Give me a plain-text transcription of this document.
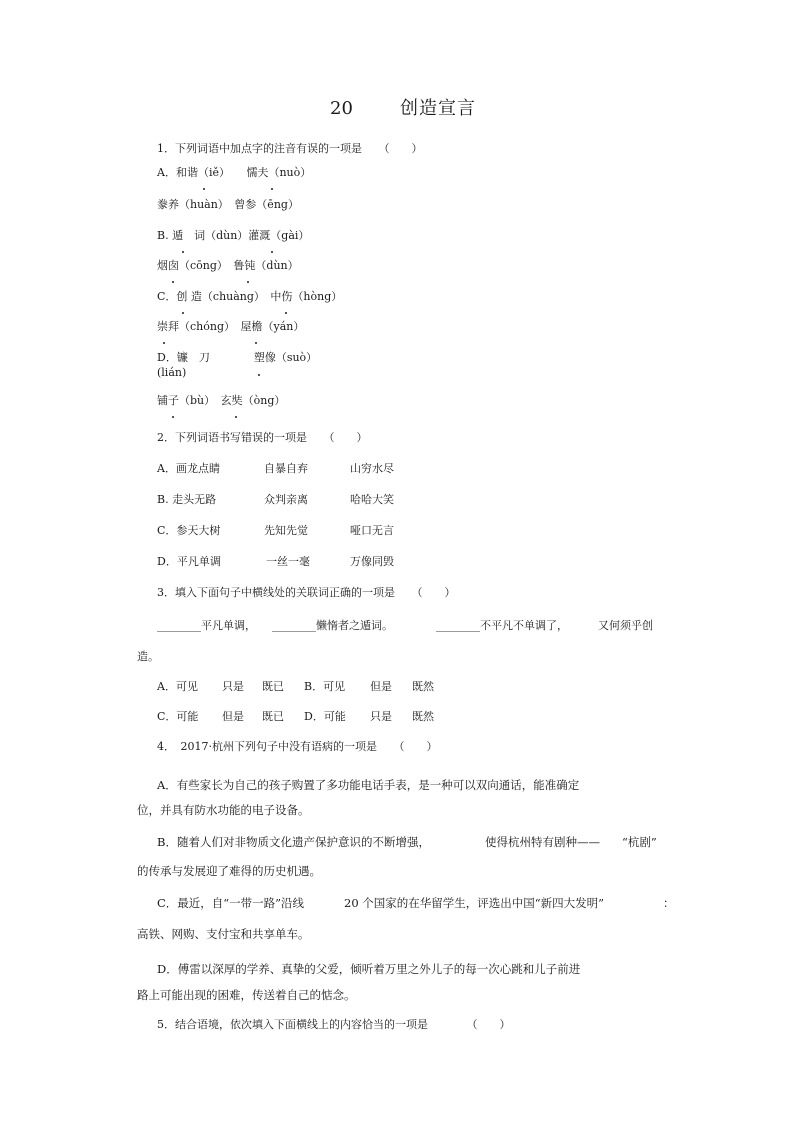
20	创造宣言
1．下列词语中加点字的注音有误的一项是　　（　　）
A．和谐（iě）　　懦夫（nuò）
豢养（huàn）　曾参（ēng）
B. 遁　词（dùn）灌溉（gài）
烟囱（cōng）　鲁钝（dùn）
C．创 造（chuàng）　中伤（hòng）
崇拜（chóng）　屋檐（yán）
D．镰　刀　　　　塑像（suò）
(lián)
铺子（bù）　玄奘（òng）
2．下列词语书写错误的一项是　　（　　）
A．画龙点睛	自暴自弃	山穷水尽
B. 走头无路	众判亲离	哈哈大笑
C．参天大树	先知先觉	哑口无言
D．平凡单调	一丝一毫	万像同毁
3．填入下面句子中横线处的关联词正确的一项是　　（　　）
________平凡单调， ________懒惰者之遁词。	________不平凡不单调了，	又何须乎创
造。
A．可见 只是 既已 B．可见 但是 既然
C．可能 但是 既已 D．可能 只是 既然
4．　2017·杭州下列句子中没有语病的一项是　　（　　）
A．有些家长为自己的孩子购置了多功能电话手表，是一种可以双向通话，能准确定
位，并具有防水功能的电子设备。
B．随着人们对非物质文化遗产保护意识的不断增强，	使得杭州特有剧种—— “杭剧”
的传承与发展迎了难得的历史机遇。
C．最近，自“一带一路”沿线	20 个国家的在华留学生，评选出中国“新四大发明”	：
高铁、网购、支付宝和共享单车。
D．傅雷以深厚的学养、真挚的父爱，倾听着万里之外儿子的每一次心跳和儿子前进
路上可能出现的困难，传送着自己的惦念。
5．结合语境，依次填入下面横线上的内容恰当的一项是　　　　（　　）
